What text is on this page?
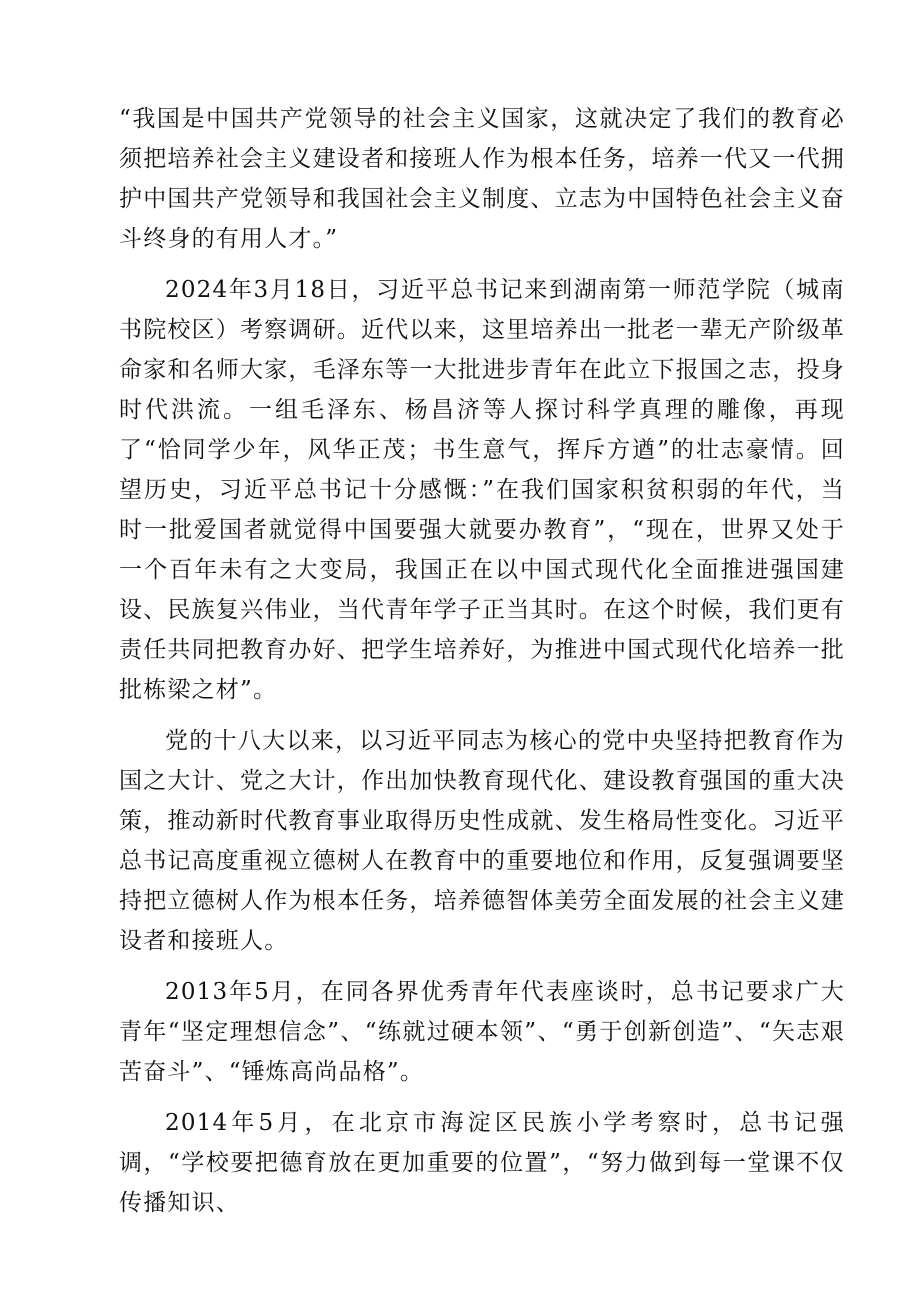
“我国是中国共产党领导的社会主义国家，这就决定了我们的教育必须把培养社会主义建设者和接班人作为根本任务，培养一代又一代拥护中国共产党领导和我国社会主义制度、立志为中国特色社会主义奋斗终身的有用人才。”

2024年3月18日，习近平总书记来到湖南第一师范学院（城南书院校区）考察调研。近代以来，这里培养出一批老一辈无产阶级革命家和名师大家，毛泽东等一大批进步青年在此立下报国之志，投身时代洪流。一组毛泽东、杨昌济等人探讨科学真理的雕像，再现了“恰同学少年，风华正茂；书生意气，挥斥方遒”的壮志豪情。回望历史，习近平总书记十分感慨：”在我们国家积贫积弱的年代，当时一批爱国者就觉得中国要强大就要办教育”，“现在，世界又处于一个百年未有之大变局，我国正在以中国式现代化全面推进强国建设、民族复兴伟业，当代青年学子正当其时。在这个时候，我们更有责任共同把教育办好、把学生培养好，为推进中国式现代化培养一批批栋梁之材”。

党的十八大以来，以习近平同志为核心的党中央坚持把教育作为国之大计、党之大计，作出加快教育现代化、建设教育强国的重大决策，推动新时代教育事业取得历史性成就、发生格局性变化。习近平总书记高度重视立德树人在教育中的重要地位和作用，反复强调要坚持把立德树人作为根本任务，培养德智体美劳全面发展的社会主义建设者和接班人。

2013年5月，在同各界优秀青年代表座谈时，总书记要求广大青年“坚定理想信念”、“练就过硬本领”、“勇于创新创造”、“矢志艰苦奋斗”、“锤炼高尚品格”。

2014年5月，在北京市海淀区民族小学考察时，总书记强调，“学校要把德育放在更加重要的位置”，“努力做到每一堂课不仅传播知识、
